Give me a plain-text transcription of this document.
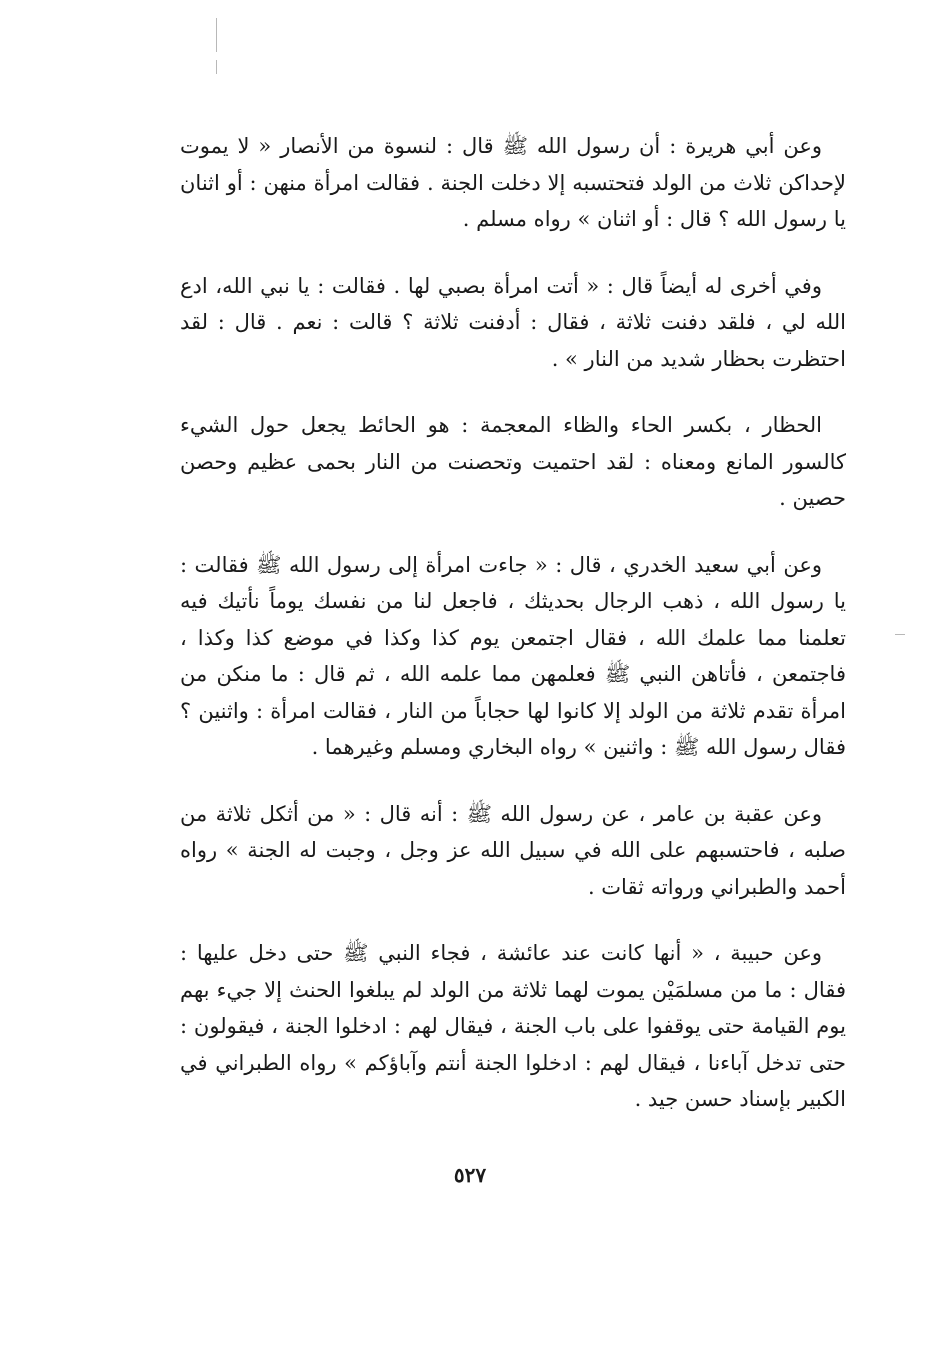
وعن أبي هريرة : أن رسول الله ﷺ قال : لنسوة من الأنصار « لا يموت لإحداكن ثلاث من الولد فتحتسبه إلا دخلت الجنة . فقالت امرأة منهن : أو اثنان يا رسول الله ؟ قال : أو اثنان » رواه مسلم .

وفي أخرى له أيضاً قال : « أتت امرأة بصبي لها . فقالت : يا نبي الله، ادع الله لي ، فلقد دفنت ثلاثة ، فقال : أدفنت ثلاثة ؟ قالت : نعم . قال : لقد احتظرت بحظار شديد من النار » .

الحظار ، بكسر الحاء والظاء المعجمة : هو الحائط يجعل حول الشيء كالسور المانع ومعناه : لقد احتميت وتحصنت من النار بحمى عظيم وحصن حصين .

وعن أبي سعيد الخدري ، قال : « جاءت امرأة إلى رسول الله ﷺ فقالت : يا رسول الله ، ذهب الرجال بحديثك ، فاجعل لنا من نفسك يوماً نأتيك فيه تعلمنا مما علمك الله ، فقال اجتمعن يوم كذا وكذا في موضع كذا وكذا ، فاجتمعن ، فأتاهن النبي ﷺ فعلمهن مما علمه الله ، ثم قال : ما منكن من امرأة تقدم ثلاثة من الولد إلا كانوا لها حجاباً من النار ، فقالت امرأة : واثنين ؟ فقال رسول الله ﷺ : واثنين » رواه البخاري ومسلم وغيرهما .

وعن عقبة بن عامر ، عن رسول الله ﷺ : أنه قال : « من أثكل ثلاثة من صلبه ، فاحتسبهم على الله في سبيل الله عز وجل ، وجبت له الجنة » رواه أحمد والطبراني ورواته ثقات .

وعن حبيبة ، « أنها كانت عند عائشة ، فجاء النبي ﷺ حتى دخل عليها : فقال : ما من مسلمَيْن يموت لهما ثلاثة من الولد لم يبلغوا الحنث إلا جيء بهم يوم القيامة حتى يوقفوا على باب الجنة ، فيقال لهم : ادخلوا الجنة ، فيقولون : حتى تدخل آباءنا ، فيقال لهم : ادخلوا الجنة أنتم وآباؤكم » رواه الطبراني في الكبير بإسناد حسن جيد .

٥٢٧
